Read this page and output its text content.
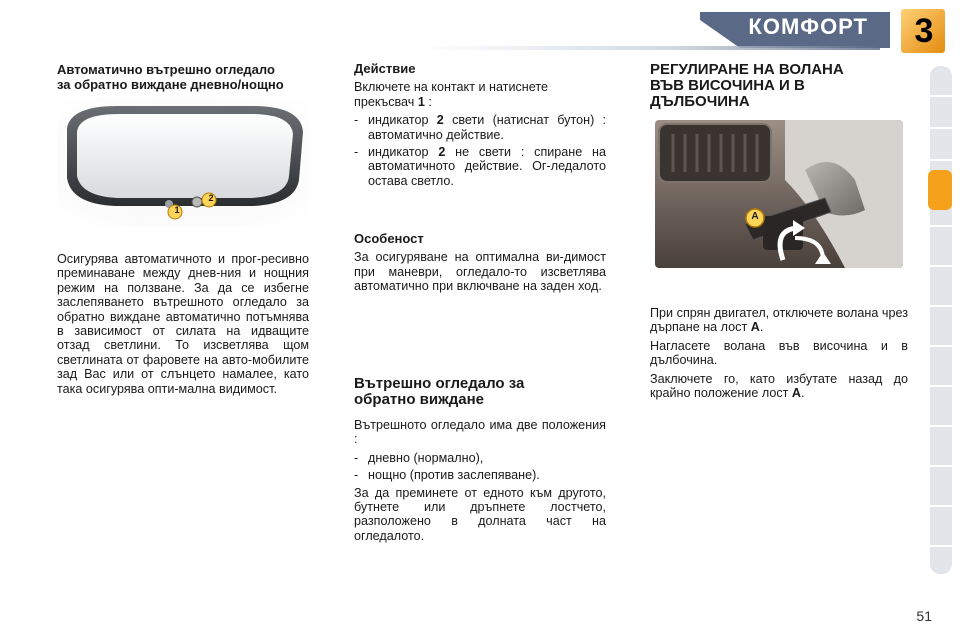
КОМФОРТ	3

Автоматично вътрешно огледало
за обратно виждане дневно/нощно

1
2

Осигурява автоматичното и прог-ресивно преминаване между днев-ния и нощния режим на ползване. За да се избегне заслепяването вътрешното огледало за обратно виждане автоматично потъмнява в зависимост от силата на идващите отзад светлини. То изсветлява щом светлината от фаровете на авто-мобилите зад Вас или от слънцето намалее, като така осигурява опти-мална видимост.

Действие

Включете на контакт и натиснете прекъсвач 1 :

- индикатор 2 свети (натиснат бутон) : автоматично действие.
- индикатор 2 не свети : спиране на автоматичното действие. Ог-ледалото остава светло.

Особеност

За осигуряване на оптимална ви-димост при маневри, огледало-то изсветлява автоматично при включване на заден ход.

Вътрешно огледало за
обратно виждане

Вътрешното огледало има две положения :

- дневно (нормално),
- нощно (против заслепяване).

За да преминете от едното към другото, бутнете или дръпнете лостчето, разположено в долната част на огледалото.

РЕГУЛИРАНЕ НА ВОЛАНА
ВЪВ ВИСОЧИНА И В
ДЪЛБОЧИНА

A

При спрян двигател, отключете волана чрез дърпане на лост A.

Нагласете волана във височина и в дълбочина.

Заключете го, като избутате назад до крайно положение лост A.

51
